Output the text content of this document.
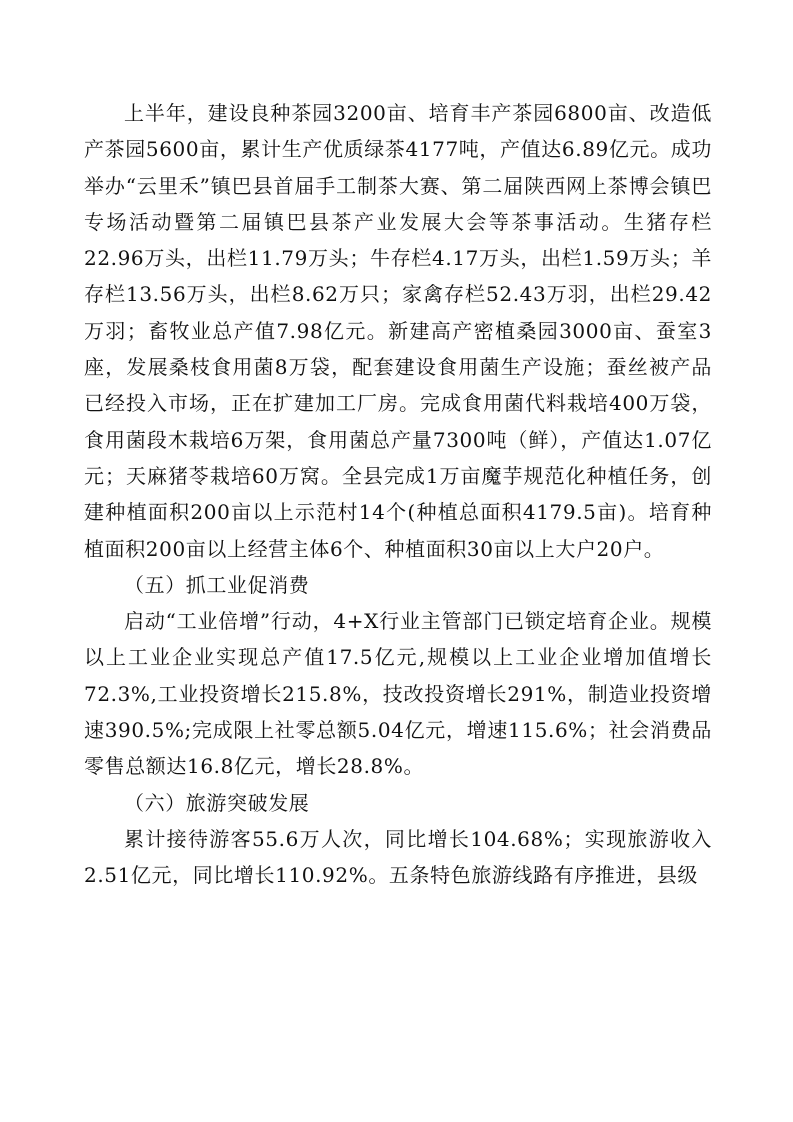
上半年，建设良种茶园3200亩、培育丰产茶园6800亩、改造低产茶园5600亩，累计生产优质绿茶4177吨，产值达6.89亿元。成功举办“云里禾”镇巴县首届手工制茶大赛、第二届陕西网上茶博会镇巴专场活动暨第二届镇巴县茶产业发展大会等茶事活动。生猪存栏22.96万头，出栏11.79万头；牛存栏4.17万头，出栏1.59万头；羊存栏13.56万头，出栏8.62万只；家禽存栏52.43万羽，出栏29.42万羽；畜牧业总产值7.98亿元。新建高产密植桑园3000亩、蚕室3座，发展桑枝食用菌8万袋，配套建设食用菌生产设施；蚕丝被产品已经投入市场，正在扩建加工厂房。完成食用菌代料栽培400万袋，食用菌段木栽培6万架，食用菌总产量7300吨（鲜），产值达1.07亿元；天麻猪苓栽培60万窝。全县完成1万亩魔芋规范化种植任务，创建种植面积200亩以上示范村14个(种植总面积4179.5亩)。培育种植面积200亩以上经营主体6个、种植面积30亩以上大户20户。

（五）抓工业促消费

启动“工业倍增”行动，4+X行业主管部门已锁定培育企业。规模以上工业企业实现总产值17.5亿元,规模以上工业企业增加值增长72.3%,工业投资增长215.8%，技改投资增长291%，制造业投资增速390.5%;完成限上社零总额5.04亿元，增速115.6%；社会消费品零售总额达16.8亿元，增长28.8%。

（六）旅游突破发展

累计接待游客55.6万人次，同比增长104.68%；实现旅游收入2.51亿元，同比增长110.92%。五条特色旅游线路有序推进，县级
